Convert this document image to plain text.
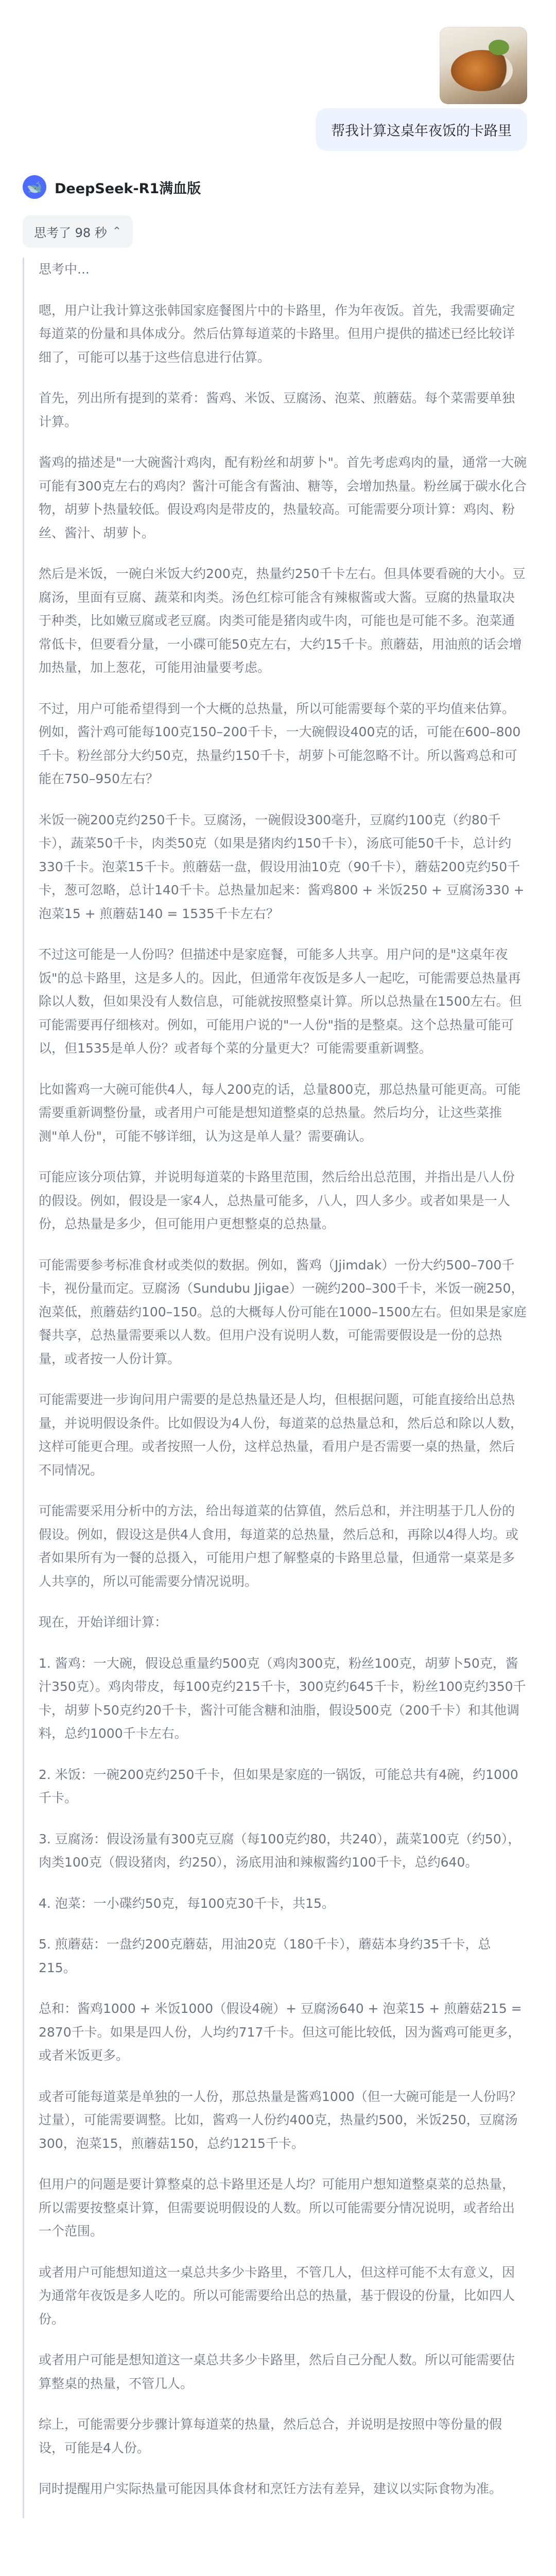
帮我计算这桌年夜饭的卡路里
🐋 DeepSeek-R1满血版
思考了 98 秒 ⌃

思考中...

嗯，用户让我计算这张韩国家庭餐图片中的卡路里，作为年夜饭。首先，我需要确定每道菜的份量和具体成分。然后估算每道菜的卡路里。但用户提供的描述已经比较详细了，可能可以基于这些信息进行估算。

首先，列出所有提到的菜肴：酱鸡、米饭、豆腐汤、泡菜、煎蘑菇。每个菜需要单独计算。

酱鸡的描述是"一大碗酱汁鸡肉，配有粉丝和胡萝卜"。首先考虑鸡肉的量，通常一大碗可能有300克左右的鸡肉？酱汁可能含有酱油、糖等，会增加热量。粉丝属于碳水化合物，胡萝卜热量较低。假设鸡肉是带皮的，热量较高。可能需要分项计算：鸡肉、粉丝、酱汁、胡萝卜。

然后是米饭，一碗白米饭大约200克，热量约250千卡左右。但具体要看碗的大小。豆腐汤，里面有豆腐、蔬菜和肉类。汤色红棕可能含有辣椒酱或大酱。豆腐的热量取决于种类，比如嫩豆腐或老豆腐。肉类可能是猪肉或牛肉，可能也是可能不多。泡菜通常低卡，但要看分量，一小碟可能50克左右，大约15千卡。煎蘑菇，用油煎的话会增加热量，加上葱花，可能用油量要考虑。

不过，用户可能希望得到一个大概的总热量，所以可能需要每个菜的平均值来估算。例如，酱汁鸡可能每100克150–200千卡，一大碗假设400克的话，可能在600–800千卡。粉丝部分大约50克，热量约150千卡，胡萝卜可能忽略不计。所以酱鸡总和可能在750–950左右？

米饭一碗200克约250千卡。豆腐汤，一碗假设300毫升，豆腐约100克（约80千卡），蔬菜50千卡，肉类50克（如果是猪肉约150千卡），汤底可能50千卡，总计约330千卡。泡菜15千卡。煎蘑菇一盘，假设用油10克（90千卡），蘑菇200克约50千卡，葱可忽略，总计140千卡。总热量加起来：酱鸡800 + 米饭250 + 豆腐汤330 + 泡菜15 + 煎蘑菇140 = 1535千卡左右？

不过这可能是一人份吗？但描述中是家庭餐，可能多人共享。用户问的是"这桌年夜饭"的总卡路里，这是多人的。因此，但通常年夜饭是多人一起吃，可能需要总热量再除以人数，但如果没有人数信息，可能就按照整桌计算。所以总热量在1500左右。但可能需要再仔细核对。例如，可能用户说的"一人份"指的是整桌。这个总热量可能可以，但1535是单人份？或者每个菜的分量更大？可能需要重新调整。

比如酱鸡一大碗可能供4人，每人200克的话，总量800克，那总热量可能更高。可能需要重新调整份量，或者用户可能是想知道整桌的总热量。然后均分，让这些菜推测"单人份"，可能不够详细，认为这是单人量？需要确认。

可能应该分项估算，并说明每道菜的卡路里范围，然后给出总范围，并指出是八人份的假设。例如，假设是一家4人，总热量可能多，八人，四人多少。或者如果是一人份，总热量是多少，但可能用户更想整桌的总热量。

可能需要参考标准食材或类似的数据。例如，酱鸡（Jjimdak）一份大约500–700千卡，视份量而定。豆腐汤（Sundubu Jjigae）一碗约200–300千卡，米饭一碗250，泡菜低，煎蘑菇约100–150。总的大概每人份可能在1000–1500左右。但如果是家庭餐共享，总热量需要乘以人数。但用户没有说明人数，可能需要假设是一份的总热量，或者按一人份计算。

可能需要进一步询问用户需要的是总热量还是人均，但根据问题，可能直接给出总热量，并说明假设条件。比如假设为4人份，每道菜的总热量总和，然后总和除以人数，这样可能更合理。或者按照一人份，这样总热量，看用户是否需要一桌的热量，然后不同情况。

可能需要采用分析中的方法，给出每道菜的估算值，然后总和，并注明基于几人份的假设。例如，假设这是供4人食用，每道菜的总热量，然后总和，再除以4得人均。或者如果所有为一餐的总摄入，可能用户想了解整桌的卡路里总量，但通常一桌菜是多人共享的，所以可能需要分情况说明。

现在，开始详细计算：

1. 酱鸡：一大碗，假设总重量约500克（鸡肉300克，粉丝100克，胡萝卜50克，酱汁350克）。鸡肉带皮，每100克约215千卡，300克约645千卡，粉丝100克约350千卡，胡萝卜50克约20千卡，酱汁可能含糖和油脂，假设500克（200千卡）和其他调料，总约1000千卡左右。

2. 米饭：一碗200克约250千卡，但如果是家庭的一锅饭，可能总共有4碗，约1000千卡。

3. 豆腐汤：假设汤量有300克豆腐（每100克约80，共240），蔬菜100克（约50），肉类100克（假设猪肉，约250），汤底用油和辣椒酱约100千卡，总约640。

4. 泡菜：一小碟约50克，每100克30千卡，共15。

5. 煎蘑菇：一盘约200克蘑菇，用油20克（180千卡），蘑菇本身约35千卡，总215。

总和：酱鸡1000 + 米饭1000（假设4碗）+ 豆腐汤640 + 泡菜15 + 煎蘑菇215 = 2870千卡。如果是四人份，人均约717千卡。但这可能比较低，因为酱鸡可能更多，或者米饭更多。

或者可能每道菜是单独的一人份，那总热量是酱鸡1000（但一大碗可能是一人份吗？过量），可能需要调整。比如，酱鸡一人份约400克，热量约500，米饭250，豆腐汤300，泡菜15，煎蘑菇150，总约1215千卡。

但用户的问题是要计算整桌的总卡路里还是人均？可能用户想知道整桌菜的总热量，所以需要按整桌计算，但需要说明假设的人数。所以可能需要分情况说明，或者给出一个范围。

或者用户可能想知道这一桌总共多少卡路里，不管几人，但这样可能不太有意义，因为通常年夜饭是多人吃的。所以可能需要给出总的热量，基于假设的份量，比如四人份。

或者用户可能是想知道这一桌总共多少卡路里，然后自己分配人数。所以可能需要估算整桌的热量，不管几人。

综上，可能需要分步骤计算每道菜的热量，然后总合，并说明是按照中等份量的假设，可能是4人份。

同时提醒用户实际热量可能因具体食材和烹饪方法有差异，建议以实际食物为准。
